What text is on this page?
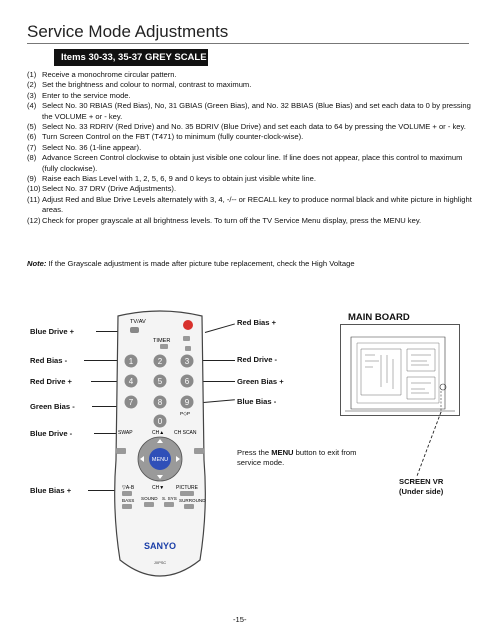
Service Mode Adjustments
Items 30-33, 35-37 GREY SCALE
(1) Receive a monochrome circular pattern.
(2) Set the brightness and colour to normal, contrast to maximum.
(3) Enter to the service mode.
(4) Select No. 30 RBIAS (Red Bias), No, 31 GBIAS (Green Bias), and No. 32 BBIAS (Blue Bias) and set each data to 0 by pressing the VOLUME + or - key.
(5) Select No. 33 RDRIV (Red Drive) and No. 35 BDRIV (Blue Drive) and set each data to 64 by pressing the VOLUME + or - key.
(6) Turn Screen Control on the FBT (T471) to minimum (fully counter-clock-wise).
(7) Select No. 36 (1-line appear).
(8) Advance Screen Control clockwise to obtain just visible one colour line. If line does not appear, place this control to maximum (fully clockwise).
(9) Raise each Bias Level with 1, 2, 5, 6, 9 and 0 keys to obtain just visible white line.
(10) Select No. 37 DRV (Drive Adjustments).
(11) Adjust Red and Blue Drive Levels alternately with 3, 4, -/-- or RECALL key to produce normal black and white picture in highlight areas.
(12) Check for proper grayscale at all brightness levels. To turn off the TV Service Menu display, press the MENU key.
Note: If the Grayscale adjustment is made after picture tube replacement, check the High Voltage
Blue Drive +
Red Bias -
Red Drive +
Green Bias -
Blue Drive -
Blue Bias +
Red Bias +
Red Drive -
Green Bias +
Blue Bias -
TV/AV
TIMER
1	2	3
4	5	6
7	8	9
0
P◇P
SWAP	CH▲ CH SCAN
MENU
▽A-B	CH▼ PICTURE
BASS SOUND S. SYS SURROUND
SANYO
JXPSC
Press the MENU button to exit from service mode.
MAIN BOARD
SCREEN VR
(Under side)
-15-
